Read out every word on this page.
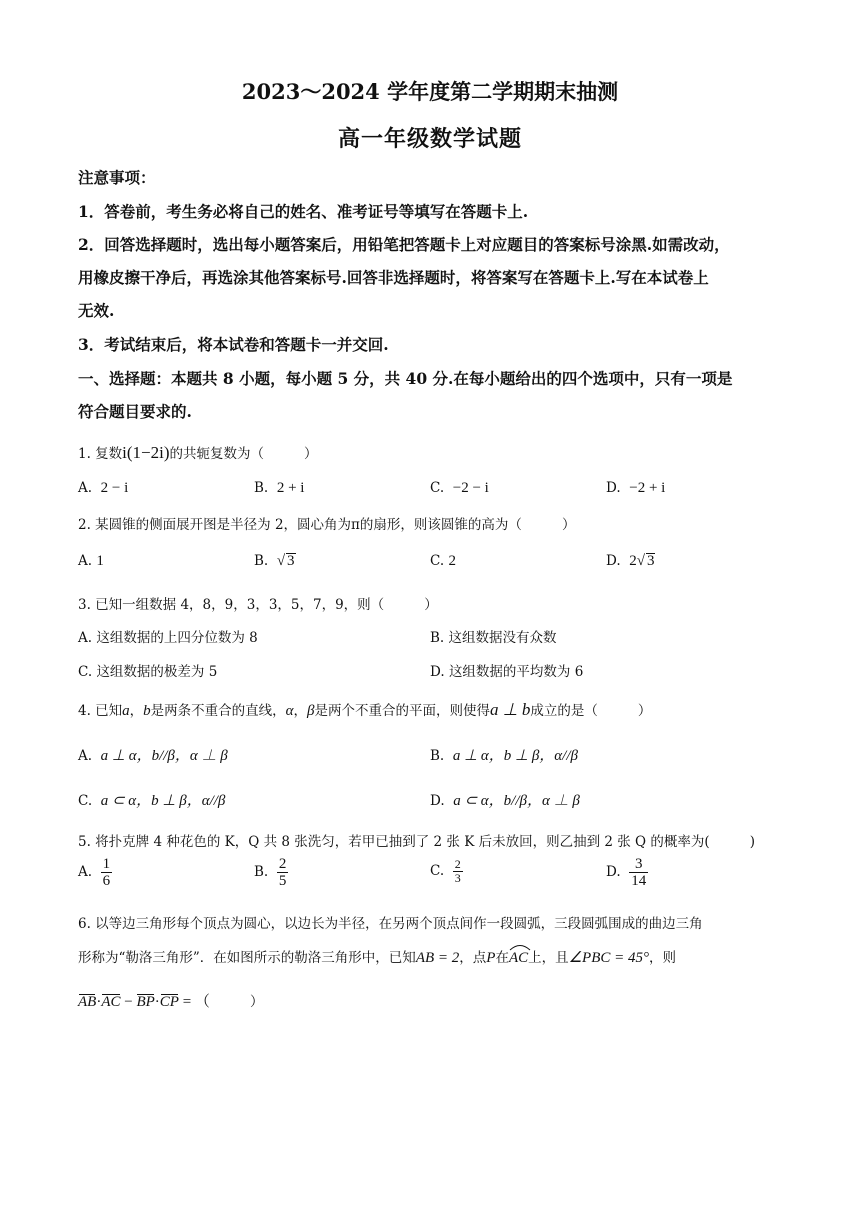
2023～2024 学年度第二学期期末抽测
高一年级数学试题
注意事项：
1．答卷前，考生务必将自己的姓名、准考证号等填写在答题卡上.
2．回答选择题时，选出每小题答案后，用铅笔把答题卡上对应题目的答案标号涂黑.如需改动，
用橡皮擦干净后，再选涂其他答案标号.回答非选择题时，将答案写在答题卡上.写在本试卷上
无效.
3．考试结束后，将本试卷和答题卡一并交回.
一、选择题：本题共 8 小题，每小题 5 分，共 40 分.在每小题给出的四个选项中，只有一项是
符合题目要求的.
1. 复数i(1−2i)的共轭复数为（	）
A. 2 − i	B. 2 + i	C. −2 − i	D. −2 + i
2. 某圆锥的侧面展开图是半径为 2，圆心角为π的扇形，则该圆锥的高为（	）
A. 1	B. √ 3	C. 2	D. 2√ 3
3. 已知一组数据 4，8，9，3，3，5，7，9，则（	）
A. 这组数据的上四分位数为 8	B. 这组数据没有众数
C. 这组数据的极差为 5	D. 这组数据的平均数为 6
4. 已知a，b是两条不重合的直线，α，β是两个不重合的平面，则使得a ⊥ b成立的是（	）
A. a ⊥ α，b//β，α ⊥ β	B. a ⊥ α，b ⊥ β，α//β
C. a ⊂ α，b ⊥ β，α//β	D. a ⊂ α，b//β，α ⊥ β
5. 将扑克牌 4 种花色的 K，Q 共 8 张洗匀，若甲已抽到了 2 张 K 后未放回，则乙抽到 2 张 Q 的概率为(	)
A. $\frac{1}{6}$	B. $\frac{2}{5}$	C. $\frac{2}{3}$	D. $\frac{3}{14}$
6. 以等边三角形每个顶点为圆心，以边长为半径，在另两个顶点间作一段圆弧，三段圆弧围成的曲边三角
形称为“勒洛三角形”．在如图所示的勒洛三角形中，已知AB = 2，点P在AC
上，且∠PBC = 45°，则
AB·AC − BP·CP = （	）
